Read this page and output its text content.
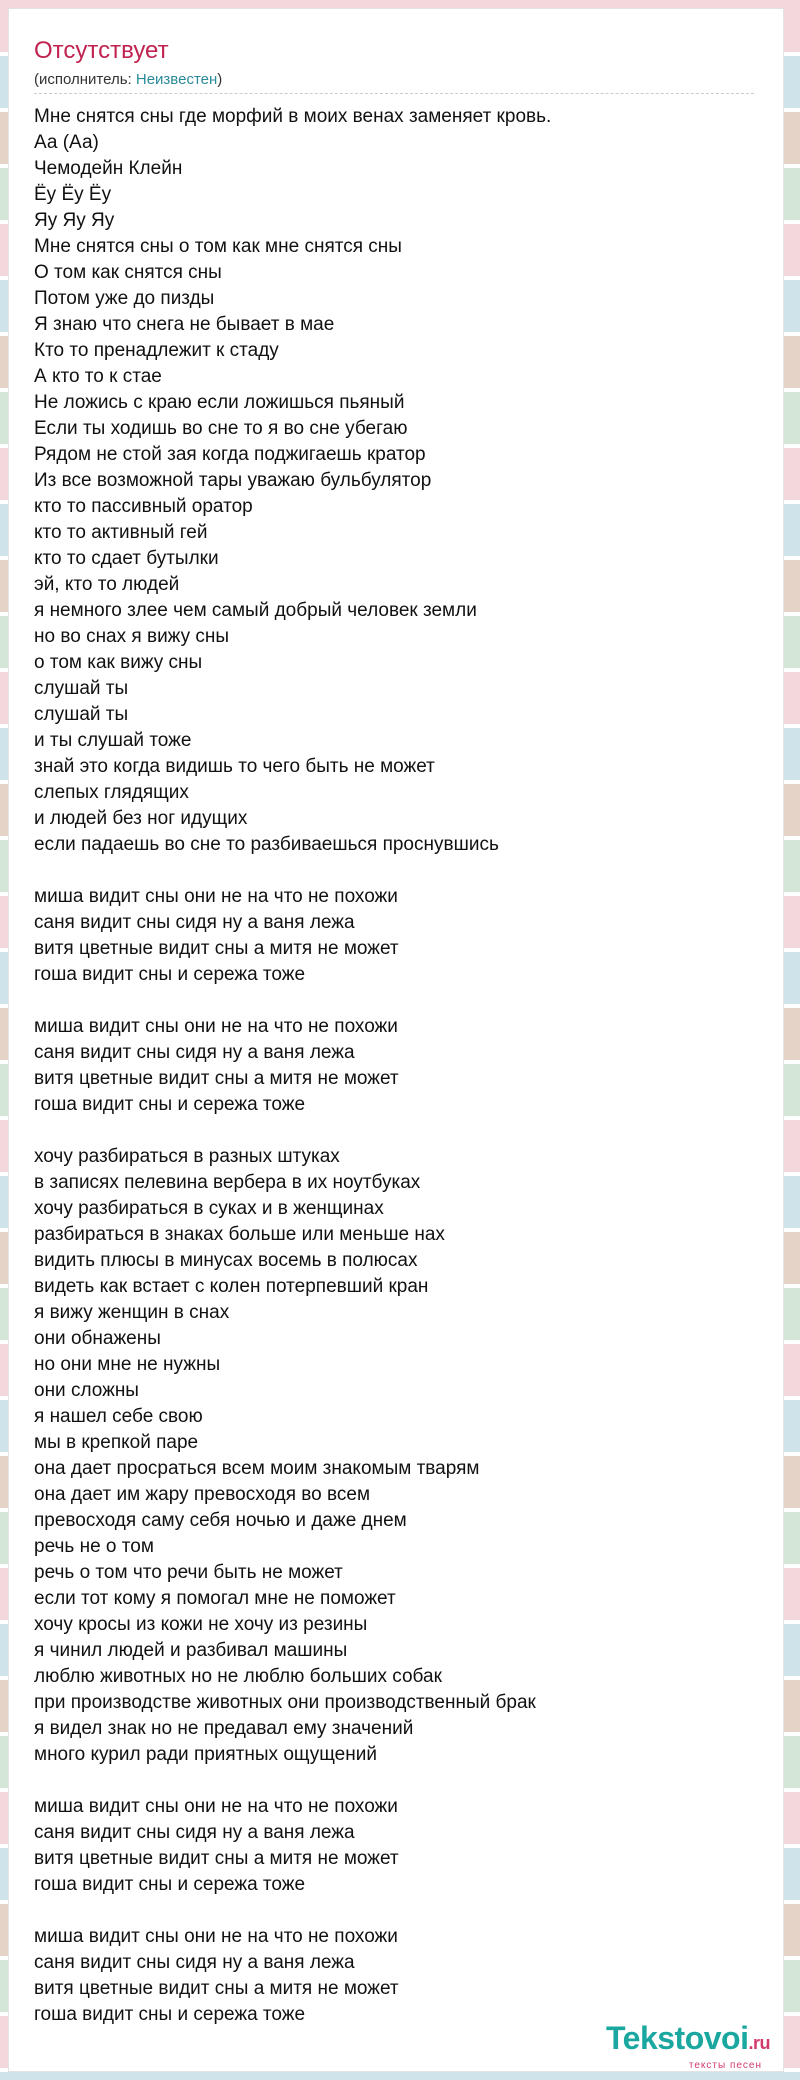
Отсутствует
(исполнитель: Неизвестен)
Мне снятся сны где морфий в моих венах заменяет кровь.
Аа (Аа)
Чемодейн Клейн
Ёу Ёу Ёу
Яу Яу Яу
Мне снятся сны о том как мне снятся сны
О том как снятся сны
Потом уже до пизды
Я знаю что снега не бывает в мае
Кто то пренадлежит к стаду
А кто то к стае
Не ложись с краю если ложишься пьяный
Если ты ходишь во сне то я во сне убегаю
Рядом не стой зая когда поджигаешь кратор
Из все возможной тары уважаю бульбулятор
кто то пассивный оратор
кто то активный гей
кто то сдает бутылки
эй, кто то людей
я немного злее чем самый добрый человек земли
но во снах я вижу сны
о том как вижу сны
слушай ты
слушай ты
и ты слушай тоже
знай это когда видишь то чего быть не может
слепых глядящих
и людей без ног идущих
если падаешь во сне то разбиваешься проснувшись
миша видит сны они не на что не похожи
саня видит сны сидя ну а ваня лежа
витя цветные видит сны а митя не может
гоша видит сны и сережа тоже
миша видит сны они не на что не похожи
саня видит сны сидя ну а ваня лежа
витя цветные видит сны а митя не может
гоша видит сны и сережа тоже
хочу разбираться в разных штуках
в записях пелевина вербера в их ноутбуках
хочу разбираться в суках и в женщинах
разбираться в знаках больше или меньше нах
видить плюсы в минусах восемь в полюсах
видеть как встает с колен потерпевший кран
я вижу женщин в снах
они обнажены
но они мне не нужны
они сложны
я нашел себе свою
мы в крепкой паре
она дает просраться всем моим знакомым тварям
она дает им жару превосходя во всем
превосходя саму себя ночью и даже днем
речь не о том
речь о том что речи быть не может
если тот кому я помогал мне не поможет
хочу кросы из кожи не хочу из резины
я чинил людей и разбивал машины
люблю животных но не люблю больших собак
при производстве животных они производственный брак
я видел знак но не предавал ему значений
много курил ради приятных ощущений
миша видит сны они не на что не похожи
саня видит сны сидя ну а ваня лежа
витя цветные видит сны а митя не может
гоша видит сны и сережа тоже
миша видит сны они не на что не похожи
саня видит сны сидя ну а ваня лежа
витя цветные видит сны а митя не может
гоша видит сны и сережа тоже
Tekstovoi.ru
тексты песен
